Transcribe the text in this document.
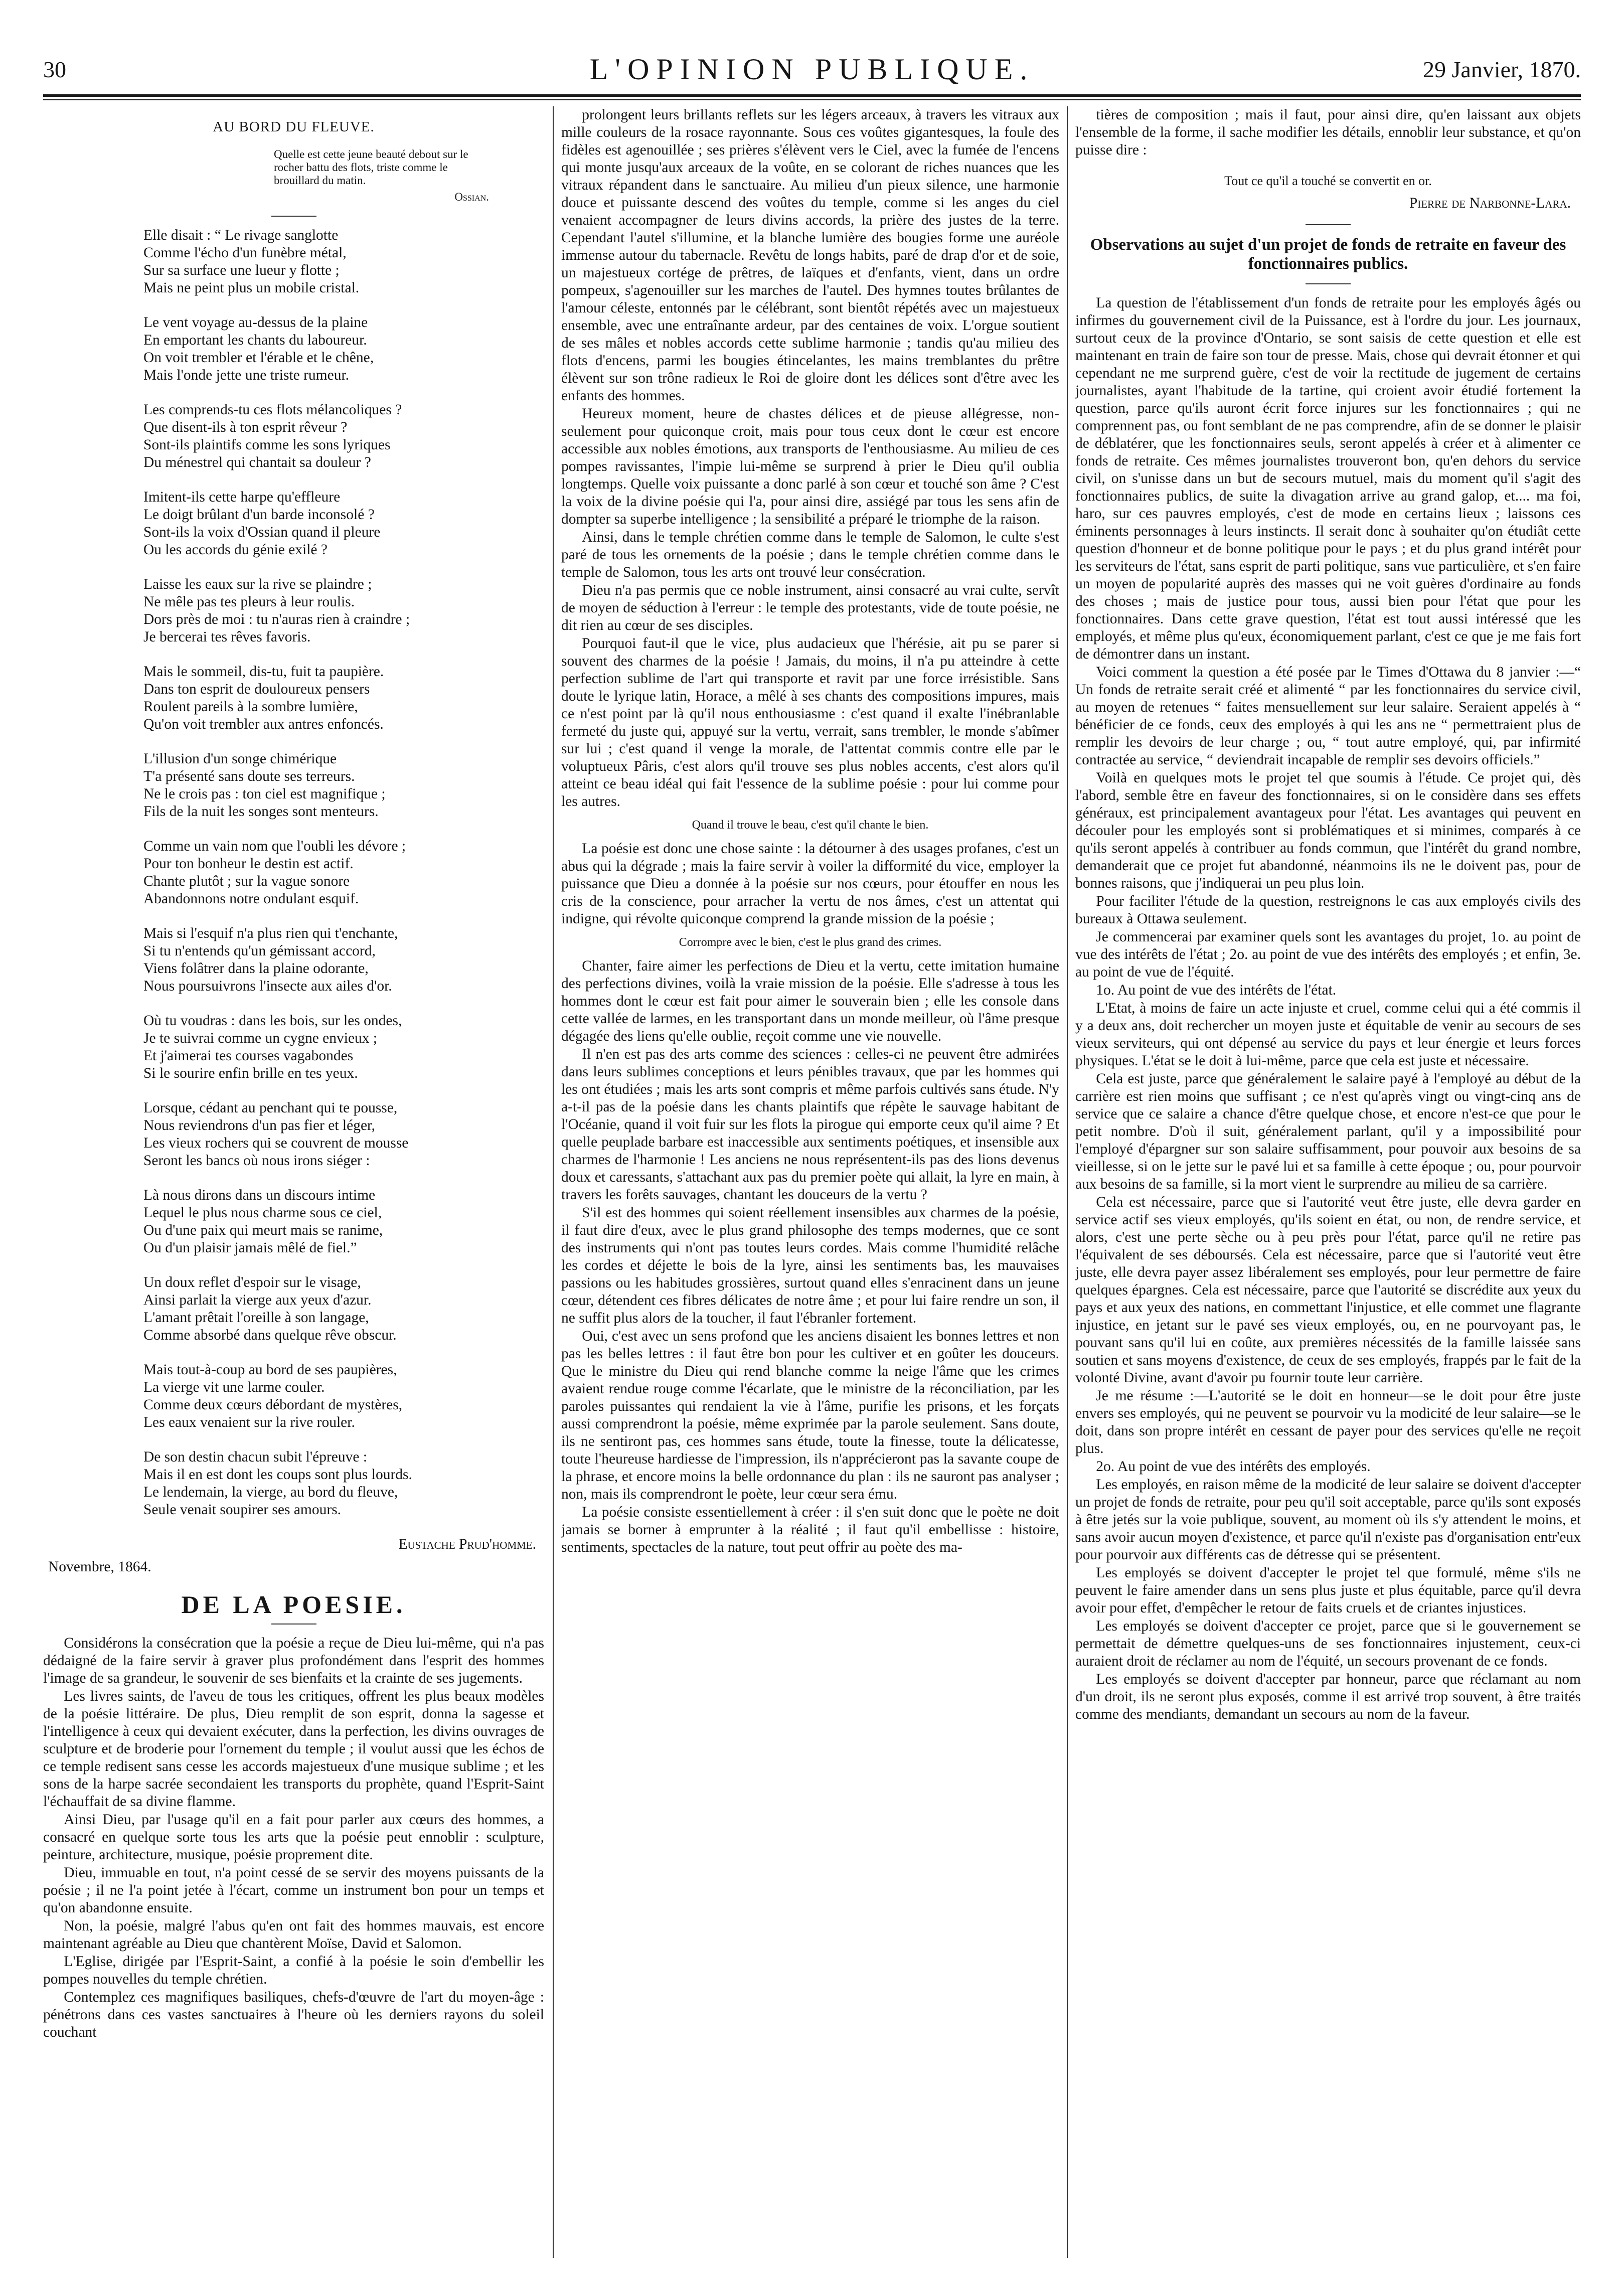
30	L'OPINION PUBLIQUE.	29 Janvier, 1870.
AU BORD DU FLEUVE.
Quelle est cette jeune beauté debout sur le rocher battu des flots, triste comme le brouillard du matin.
Ossian.
Elle disait : “ Le rivage sanglotte
Comme l'écho d'un funèbre métal,
Sur sa surface une lueur y flotte ;
Mais ne peint plus un mobile cristal.
Le vent voyage au-dessus de la plaine
En emportant les chants du laboureur.
On voit trembler et l'érable et le chêne,
Mais l'onde jette une triste rumeur.
Les comprends-tu ces flots mélancoliques ?
Que disent-ils à ton esprit rêveur ?
Sont-ils plaintifs comme les sons lyriques
Du ménestrel qui chantait sa douleur ?
Imitent-ils cette harpe qu'effleure
Le doigt brûlant d'un barde inconsolé ?
Sont-ils la voix d'Ossian quand il pleure
Ou les accords du génie exilé ?
Laisse les eaux sur la rive se plaindre ;
Ne mêle pas tes pleurs à leur roulis.
Dors près de moi : tu n'auras rien à craindre ;
Je bercerai tes rêves favoris.
Mais le sommeil, dis-tu, fuit ta paupière.
Dans ton esprit de douloureux pensers
Roulent pareils à la sombre lumière,
Qu'on voit trembler aux antres enfoncés.
L'illusion d'un songe chimérique
T'a présenté sans doute ses terreurs.
Ne le crois pas : ton ciel est magnifique ;
Fils de la nuit les songes sont menteurs.
Comme un vain nom que l'oubli les dévore ;
Pour ton bonheur le destin est actif.
Chante plutôt ; sur la vague sonore
Abandonnons notre ondulant esquif.
Mais si l'esquif n'a plus rien qui t'enchante,
Si tu n'entends qu'un gémissant accord,
Viens folâtrer dans la plaine odorante,
Nous poursuivrons l'insecte aux ailes d'or.
Où tu voudras : dans les bois, sur les ondes,
Je te suivrai comme un cygne envieux ;
Et j'aimerai tes courses vagabondes
Si le sourire enfin brille en tes yeux.
Lorsque, cédant au penchant qui te pousse,
Nous reviendrons d'un pas fier et léger,
Les vieux rochers qui se couvrent de mousse
Seront les bancs où nous irons siéger :
Là nous dirons dans un discours intime
Lequel le plus nous charme sous ce ciel,
Ou d'une paix qui meurt mais se ranime,
Ou d'un plaisir jamais mêlé de fiel.”
Un doux reflet d'espoir sur le visage,
Ainsi parlait la vierge aux yeux d'azur.
L'amant prêtait l'oreille à son langage,
Comme absorbé dans quelque rêve obscur.
Mais tout-à-coup au bord de ses paupières,
La vierge vit une larme couler.
Comme deux cœurs débordant de mystères,
Les eaux venaient sur la rive rouler.
De son destin chacun subit l'épreuve :
Mais il en est dont les coups sont plus lourds.
Le lendemain, la vierge, au bord du fleuve,
Seule venait soupirer ses amours.
Eustache Prud'homme.

Novembre, 1864.

DE LA POESIE.

Considérons la consécration que la poésie a reçue de Dieu lui-même, qui n'a pas dédaigné de la faire servir à graver plus profondément dans l'esprit des hommes l'image de sa grandeur, le souvenir de ses bienfaits et la crainte de ses jugements.

Les livres saints, de l'aveu de tous les critiques, offrent les plus beaux modèles de la poésie littéraire. De plus, Dieu remplit de son esprit, donna la sagesse et l'intelligence à ceux qui devaient exécuter, dans la perfection, les divins ouvrages de sculpture et de broderie pour l'ornement du temple ; il voulut aussi que les échos de ce temple redisent sans cesse les accords majestueux d'une musique sublime ; et les sons de la harpe sacrée secondaient les transports du prophète, quand l'Esprit-Saint l'échauffait de sa divine flamme.

Ainsi Dieu, par l'usage qu'il en a fait pour parler aux cœurs des hommes, a consacré en quelque sorte tous les arts que la poésie peut ennoblir : sculpture, peinture, architecture, musique, poésie proprement dite.

Dieu, immuable en tout, n'a point cessé de se servir des moyens puissants de la poésie ; il ne l'a point jetée à l'écart, comme un instrument bon pour un temps et qu'on abandonne ensuite.

Non, la poésie, malgré l'abus qu'en ont fait des hommes mauvais, est encore maintenant agréable au Dieu que chantèrent Moïse, David et Salomon.

L'Eglise, dirigée par l'Esprit-Saint, a confié à la poésie le soin d'embellir les pompes nouvelles du temple chrétien.

Contemplez ces magnifiques basiliques, chefs-d'œuvre de l'art du moyen-âge : pénétrons dans ces vastes sanctuaires à l'heure où les derniers rayons du soleil couchant

prolongent leurs brillants reflets sur les légers arceaux, à travers les vitraux aux mille couleurs de la rosace rayonnante. Sous ces voûtes gigantesques, la foule des fidèles est agenouillée ; ses prières s'élèvent vers le Ciel, avec la fumée de l'encens qui monte jusqu'aux arceaux de la voûte, en se colorant de riches nuances que les vitraux répandent dans le sanctuaire. Au milieu d'un pieux silence, une harmonie douce et puissante descend des voûtes du temple, comme si les anges du ciel venaient accompagner de leurs divins accords, la prière des justes de la terre. Cependant l'autel s'illumine, et la blanche lumière des bougies forme une auréole immense autour du tabernacle. Revêtu de longs habits, paré de drap d'or et de soie, un majestueux cortége de prêtres, de laïques et d'enfants, vient, dans un ordre pompeux, s'agenouiller sur les marches de l'autel. Des hymnes toutes brûlantes de l'amour céleste, entonnés par le célébrant, sont bientôt répétés avec un majestueux ensemble, avec une entraînante ardeur, par des centaines de voix. L'orgue soutient de ses mâles et nobles accords cette sublime harmonie ; tandis qu'au milieu des flots d'encens, parmi les bougies étincelantes, les mains tremblantes du prêtre élèvent sur son trône radieux le Roi de gloire dont les délices sont d'être avec les enfants des hommes.

Heureux moment, heure de chastes délices et de pieuse allégresse, non-seulement pour quiconque croit, mais pour tous ceux dont le cœur est encore accessible aux nobles émotions, aux transports de l'enthousiasme. Au milieu de ces pompes ravissantes, l'impie lui-même se surprend à prier le Dieu qu'il oublia longtemps. Quelle voix puissante a donc parlé à son cœur et touché son âme ? C'est la voix de la divine poésie qui l'a, pour ainsi dire, assiégé par tous les sens afin de dompter sa superbe intelligence ; la sensibilité a préparé le triomphe de la raison.

Ainsi, dans le temple chrétien comme dans le temple de Salomon, le culte s'est paré de tous les ornements de la poésie ; dans le temple chrétien comme dans le temple de Salomon, tous les arts ont trouvé leur consécration.

Dieu n'a pas permis que ce noble instrument, ainsi consacré au vrai culte, servît de moyen de séduction à l'erreur : le temple des protestants, vide de toute poésie, ne dit rien au cœur de ses disciples.

Pourquoi faut-il que le vice, plus audacieux que l'hérésie, ait pu se parer si souvent des charmes de la poésie ! Jamais, du moins, il n'a pu atteindre à cette perfection sublime de l'art qui transporte et ravit par une force irrésistible. Sans doute le lyrique latin, Horace, a mêlé à ses chants des compositions impures, mais ce n'est point par là qu'il nous enthousiasme : c'est quand il exalte l'inébranlable fermeté du juste qui, appuyé sur la vertu, verrait, sans trembler, le monde s'abîmer sur lui ; c'est quand il venge la morale, de l'attentat commis contre elle par le voluptueux Pâris, c'est alors qu'il trouve ses plus nobles accents, c'est alors qu'il atteint ce beau idéal qui fait l'essence de la sublime poésie : pour lui comme pour les autres.

Quand il trouve le beau, c'est qu'il chante le bien.

La poésie est donc une chose sainte : la détourner à des usages profanes, c'est un abus qui la dégrade ; mais la faire servir à voiler la difformité du vice, employer la puissance que Dieu a donnée à la poésie sur nos cœurs, pour étouffer en nous les cris de la conscience, pour arracher la vertu de nos âmes, c'est un attentat qui indigne, qui révolte quiconque comprend la grande mission de la poésie ;

Corrompre avec le bien, c'est le plus grand des crimes.

Chanter, faire aimer les perfections de Dieu et la vertu, cette imitation humaine des perfections divines, voilà la vraie mission de la poésie. Elle s'adresse à tous les hommes dont le cœur est fait pour aimer le souverain bien ; elle les console dans cette vallée de larmes, en les transportant dans un monde meilleur, où l'âme presque dégagée des liens qu'elle oublie, reçoit comme une vie nouvelle.

Il n'en est pas des arts comme des sciences : celles-ci ne peuvent être admirées dans leurs sublimes conceptions et leurs pénibles travaux, que par les hommes qui les ont étudiées ; mais les arts sont compris et même parfois cultivés sans étude. N'y a-t-il pas de la poésie dans les chants plaintifs que répète le sauvage habitant de l'Océanie, quand il voit fuir sur les flots la pirogue qui emporte ceux qu'il aime ? Et quelle peuplade barbare est inaccessible aux sentiments poétiques, et insensible aux charmes de l'harmonie ! Les anciens ne nous représentent-ils pas des lions devenus doux et caressants, s'attachant aux pas du premier poète qui allait, la lyre en main, à travers les forêts sauvages, chantant les douceurs de la vertu ?

S'il est des hommes qui soient réellement insensibles aux charmes de la poésie, il faut dire d'eux, avec le plus grand philosophe des temps modernes, que ce sont des instruments qui n'ont pas toutes leurs cordes. Mais comme l'humidité relâche les cordes et déjette le bois de la lyre, ainsi les sentiments bas, les mauvaises passions ou les habitudes grossières, surtout quand elles s'enracinent dans un jeune cœur, détendent ces fibres délicates de notre âme ; et pour lui faire rendre un son, il ne suffit plus alors de la toucher, il faut l'ébranler fortement.

Oui, c'est avec un sens profond que les anciens disaient les bonnes lettres et non pas les belles lettres : il faut être bon pour les cultiver et en goûter les douceurs. Que le ministre du Dieu qui rend blanche comme la neige l'âme que les crimes avaient rendue rouge comme l'écarlate, que le ministre de la réconciliation, par les paroles puissantes qui rendaient la vie à l'âme, purifie les prisons, et les forçats aussi comprendront la poésie, même exprimée par la parole seulement. Sans doute, ils ne sentiront pas, ces hommes sans étude, toute la finesse, toute la délicatesse, toute l'heureuse hardiesse de l'impression, ils n'apprécieront pas la savante coupe de la phrase, et encore moins la belle ordonnance du plan : ils ne sauront pas analyser ; non, mais ils comprendront le poète, leur cœur sera ému.

La poésie consiste essentiellement à créer : il s'en suit donc que le poète ne doit jamais se borner à emprunter à la réalité ; il faut qu'il embellisse : histoire, sentiments, spectacles de la nature, tout peut offrir au poète des ma-

tières de composition ; mais il faut, pour ainsi dire, qu'en laissant aux objets l'ensemble de la forme, il sache modifier les détails, ennoblir leur substance, et qu'on puisse dire :

Tout ce qu'il a touché se convertit en or.

Pierre de Narbonne-Lara.

Observations au sujet d'un projet de fonds de retraite en faveur des fonctionnaires publics.

La question de l'établissement d'un fonds de retraite pour les employés âgés ou infirmes du gouvernement civil de la Puissance, est à l'ordre du jour. Les journaux, surtout ceux de la province d'Ontario, se sont saisis de cette question et elle est maintenant en train de faire son tour de presse. Mais, chose qui devrait étonner et qui cependant ne me surprend guère, c'est de voir la rectitude de jugement de certains journalistes, ayant l'habitude de la tartine, qui croient avoir étudié fortement la question, parce qu'ils auront écrit force injures sur les fonctionnaires ; qui ne comprennent pas, ou font semblant de ne pas comprendre, afin de se donner le plaisir de déblatérer, que les fonctionnaires seuls, seront appelés à créer et à alimenter ce fonds de retraite. Ces mêmes journalistes trouveront bon, qu'en dehors du service civil, on s'unisse dans un but de secours mutuel, mais du moment qu'il s'agit des fonctionnaires publics, de suite la divagation arrive au grand galop, et.... ma foi, haro, sur ces pauvres employés, c'est de mode en certains lieux ; laissons ces éminents personnages à leurs instincts. Il serait donc à souhaiter qu'on étudiât cette question d'honneur et de bonne politique pour le pays ; et du plus grand intérêt pour les serviteurs de l'état, sans esprit de parti politique, sans vue particulière, et s'en faire un moyen de popularité auprès des masses qui ne voit guères d'ordinaire au fonds des choses ; mais de justice pour tous, aussi bien pour l'état que pour les fonctionnaires. Dans cette grave question, l'état est tout aussi intéressé que les employés, et même plus qu'eux, économiquement parlant, c'est ce que je me fais fort de démontrer dans un instant.

Voici comment la question a été posée par le Times d'Ottawa du 8 janvier :—“ Un fonds de retraite serait créé et alimenté “ par les fonctionnaires du service civil, au moyen de retenues “ faites mensuellement sur leur salaire. Seraient appelés à “ bénéficier de ce fonds, ceux des employés à qui les ans ne “ permettraient plus de remplir les devoirs de leur charge ; ou, “ tout autre employé, qui, par infirmité contractée au service, “ deviendrait incapable de remplir ses devoirs officiels.”

Voilà en quelques mots le projet tel que soumis à l'étude. Ce projet qui, dès l'abord, semble être en faveur des fonctionnaires, si on le considère dans ses effets généraux, est principalement avantageux pour l'état. Les avantages qui peuvent en découler pour les employés sont si problématiques et si minimes, comparés à ce qu'ils seront appelés à contribuer au fonds commun, que l'intérêt du grand nombre, demanderait que ce projet fut abandonné, néanmoins ils ne le doivent pas, pour de bonnes raisons, que j'indiquerai un peu plus loin.

Pour faciliter l'étude de la question, restreignons le cas aux employés civils des bureaux à Ottawa seulement.

Je commencerai par examiner quels sont les avantages du projet, 1o. au point de vue des intérêts de l'état ; 2o. au point de vue des intérêts des employés ; et enfin, 3e. au point de vue de l'équité.

1o. Au point de vue des intérêts de l'état.

L'Etat, à moins de faire un acte injuste et cruel, comme celui qui a été commis il y a deux ans, doit rechercher un moyen juste et équitable de venir au secours de ses vieux serviteurs, qui ont dépensé au service du pays et leur énergie et leurs forces physiques. L'état se le doit à lui-même, parce que cela est juste et nécessaire.

Cela est juste, parce que généralement le salaire payé à l'employé au début de la carrière est rien moins que suffisant ; ce n'est qu'après vingt ou vingt-cinq ans de service que ce salaire a chance d'être quelque chose, et encore n'est-ce que pour le petit nombre. D'où il suit, généralement parlant, qu'il y a impossibilité pour l'employé d'épargner sur son salaire suffisamment, pour pouvoir aux besoins de sa vieillesse, si on le jette sur le pavé lui et sa famille à cette époque ; ou, pour pourvoir aux besoins de sa famille, si la mort vient le surprendre au milieu de sa carrière.

Cela est nécessaire, parce que si l'autorité veut être juste, elle devra garder en service actif ses vieux employés, qu'ils soient en état, ou non, de rendre service, et alors, c'est une perte sèche ou à peu près pour l'état, parce qu'il ne retire pas l'équivalent de ses déboursés. Cela est nécessaire, parce que si l'autorité veut être juste, elle devra payer assez libéralement ses employés, pour leur permettre de faire quelques épargnes. Cela est nécessaire, parce que l'autorité se discrédite aux yeux du pays et aux yeux des nations, en commettant l'injustice, et elle commet une flagrante injustice, en jetant sur le pavé ses vieux employés, ou, en ne pourvoyant pas, le pouvant sans qu'il lui en coûte, aux premières nécessités de la famille laissée sans soutien et sans moyens d'existence, de ceux de ses employés, frappés par le fait de la volonté Divine, avant d'avoir pu fournir toute leur carrière.

Je me résume :—L'autorité se le doit en honneur—se le doit pour être juste envers ses employés, qui ne peuvent se pourvoir vu la modicité de leur salaire—se le doit, dans son propre intérêt en cessant de payer pour des services qu'elle ne reçoit plus.

2o. Au point de vue des intérêts des employés.

Les employés, en raison même de la modicité de leur salaire se doivent d'accepter un projet de fonds de retraite, pour peu qu'il soit acceptable, parce qu'ils sont exposés à être jetés sur la voie publique, souvent, au moment où ils s'y attendent le moins, et sans avoir aucun moyen d'existence, et parce qu'il n'existe pas d'organisation entr'eux pour pourvoir aux différents cas de détresse qui se présentent.

Les employés se doivent d'accepter le projet tel que formulé, même s'ils ne peuvent le faire amender dans un sens plus juste et plus équitable, parce qu'il devra avoir pour effet, d'empêcher le retour de faits cruels et de criantes injustices.

Les employés se doivent d'accepter ce projet, parce que si le gouvernement se permettait de démettre quelques-uns de ses fonctionnaires injustement, ceux-ci auraient droit de réclamer au nom de l'équité, un secours provenant de ce fonds.

Les employés se doivent d'accepter par honneur, parce que réclamant au nom d'un droit, ils ne seront plus exposés, comme il est arrivé trop souvent, à être traités comme des mendiants, demandant un secours au nom de la faveur.
